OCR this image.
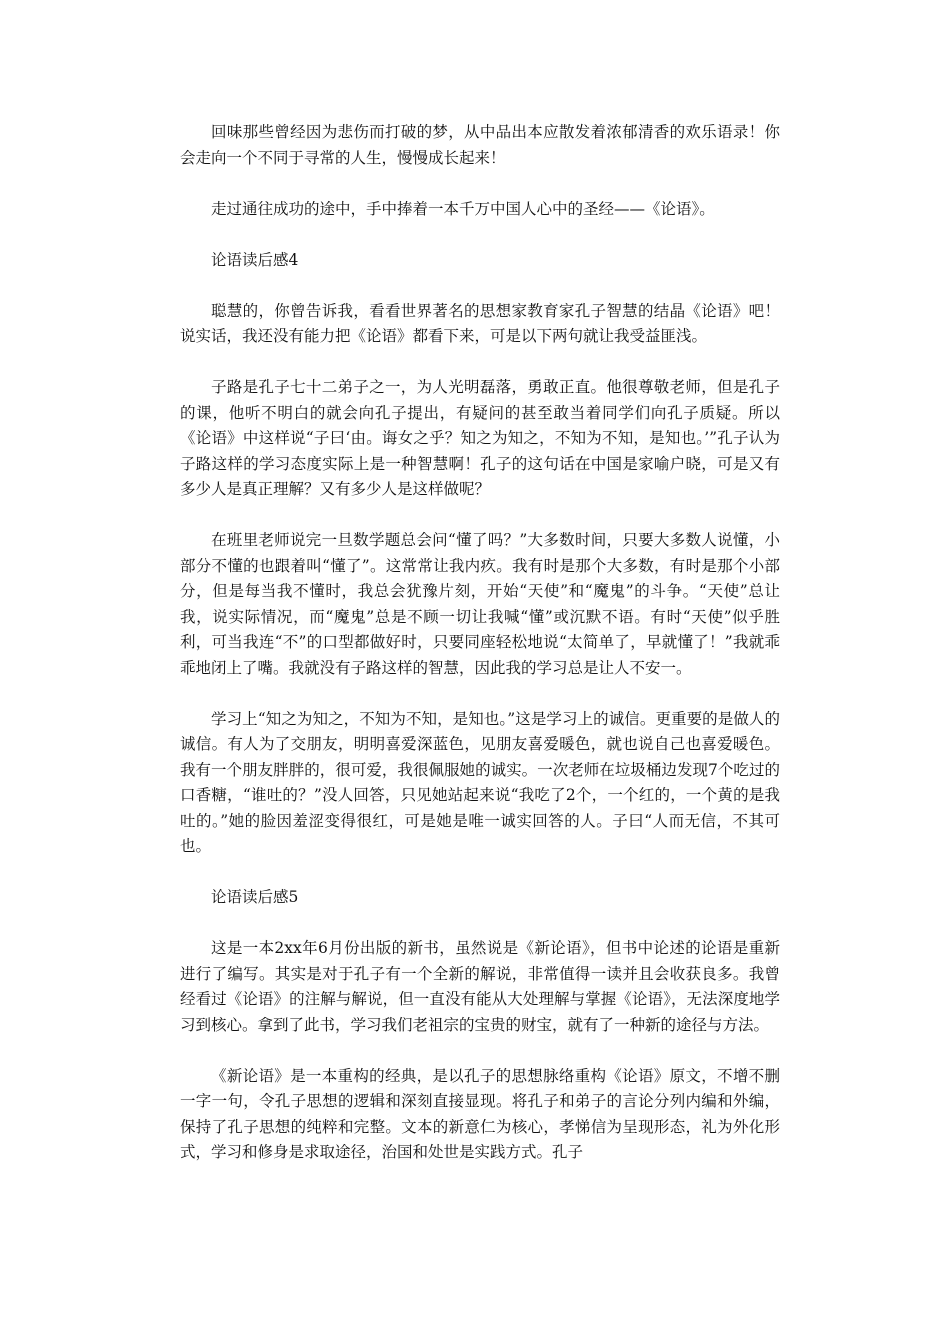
回味那些曾经因为悲伤而打破的梦，从中品出本应散发着浓郁清香的欢乐语录！你会走向一个不同于寻常的人生，慢慢成长起来！

走过通往成功的途中，手中捧着一本千万中国人心中的圣经——《论语》。

论语读后感4

聪慧的，你曾告诉我，看看世界著名的思想家教育家孔子智慧的结晶《论语》吧！说实话，我还没有能力把《论语》都看下来，可是以下两句就让我受益匪浅。

子路是孔子七十二弟子之一，为人光明磊落，勇敢正直。他很尊敬老师，但是孔子的课，他听不明白的就会向孔子提出，有疑问的甚至敢当着同学们向孔子质疑。所以《论语》中这样说“子曰‘由。诲女之乎？知之为知之，不知为不知，是知也。’”孔子认为子路这样的学习态度实际上是一种智慧啊！孔子的这句话在中国是家喻户晓，可是又有多少人是真正理解？又有多少人是这样做呢？

在班里老师说完一旦数学题总会问“懂了吗？”大多数时间，只要大多数人说懂，小部分不懂的也跟着叫“懂了”。这常常让我内疚。我有时是那个大多数，有时是那个小部分，但是每当我不懂时，我总会犹豫片刻，开始“天使”和“魔鬼”的斗争。“天使”总让我，说实际情况，而“魔鬼”总是不顾一切让我喊“懂”或沉默不语。有时“天使”似乎胜利，可当我连“不”的口型都做好时，只要同座轻松地说“太简单了，早就懂了！”我就乖乖地闭上了嘴。我就没有子路这样的智慧，因此我的学习总是让人不安一。

学习上“知之为知之，不知为不知，是知也。”这是学习上的诚信。更重要的是做人的诚信。有人为了交朋友，明明喜爱深蓝色，见朋友喜爱暖色，就也说自己也喜爱暖色。我有一个朋友胖胖的，很可爱，我很佩服她的诚实。一次老师在垃圾桶边发现7个吃过的口香糖，“谁吐的？”没人回答，只见她站起来说“我吃了2个，一个红的，一个黄的是我吐的。”她的脸因羞涩变得很红，可是她是唯一诚实回答的人。子曰“人而无信，不其可也。

论语读后感5

这是一本2xx年6月份出版的新书，虽然说是《新论语》，但书中论述的论语是重新进行了编写。其实是对于孔子有一个全新的解说，非常值得一读并且会收获良多。我曾经看过《论语》的注解与解说，但一直没有能从大处理解与掌握《论语》，无法深度地学习到核心。拿到了此书，学习我们老祖宗的宝贵的财宝，就有了一种新的途径与方法。

《新论语》是一本重构的经典，是以孔子的思想脉络重构《论语》原文，不增不删一字一句，令孔子思想的逻辑和深刻直接显现。将孔子和弟子的言论分列内编和外编，保持了孔子思想的纯粹和完整。文本的新意仁为核心，孝悌信为呈现形态，礼为外化形式，学习和修身是求取途径，治国和处世是实践方式。孔子
